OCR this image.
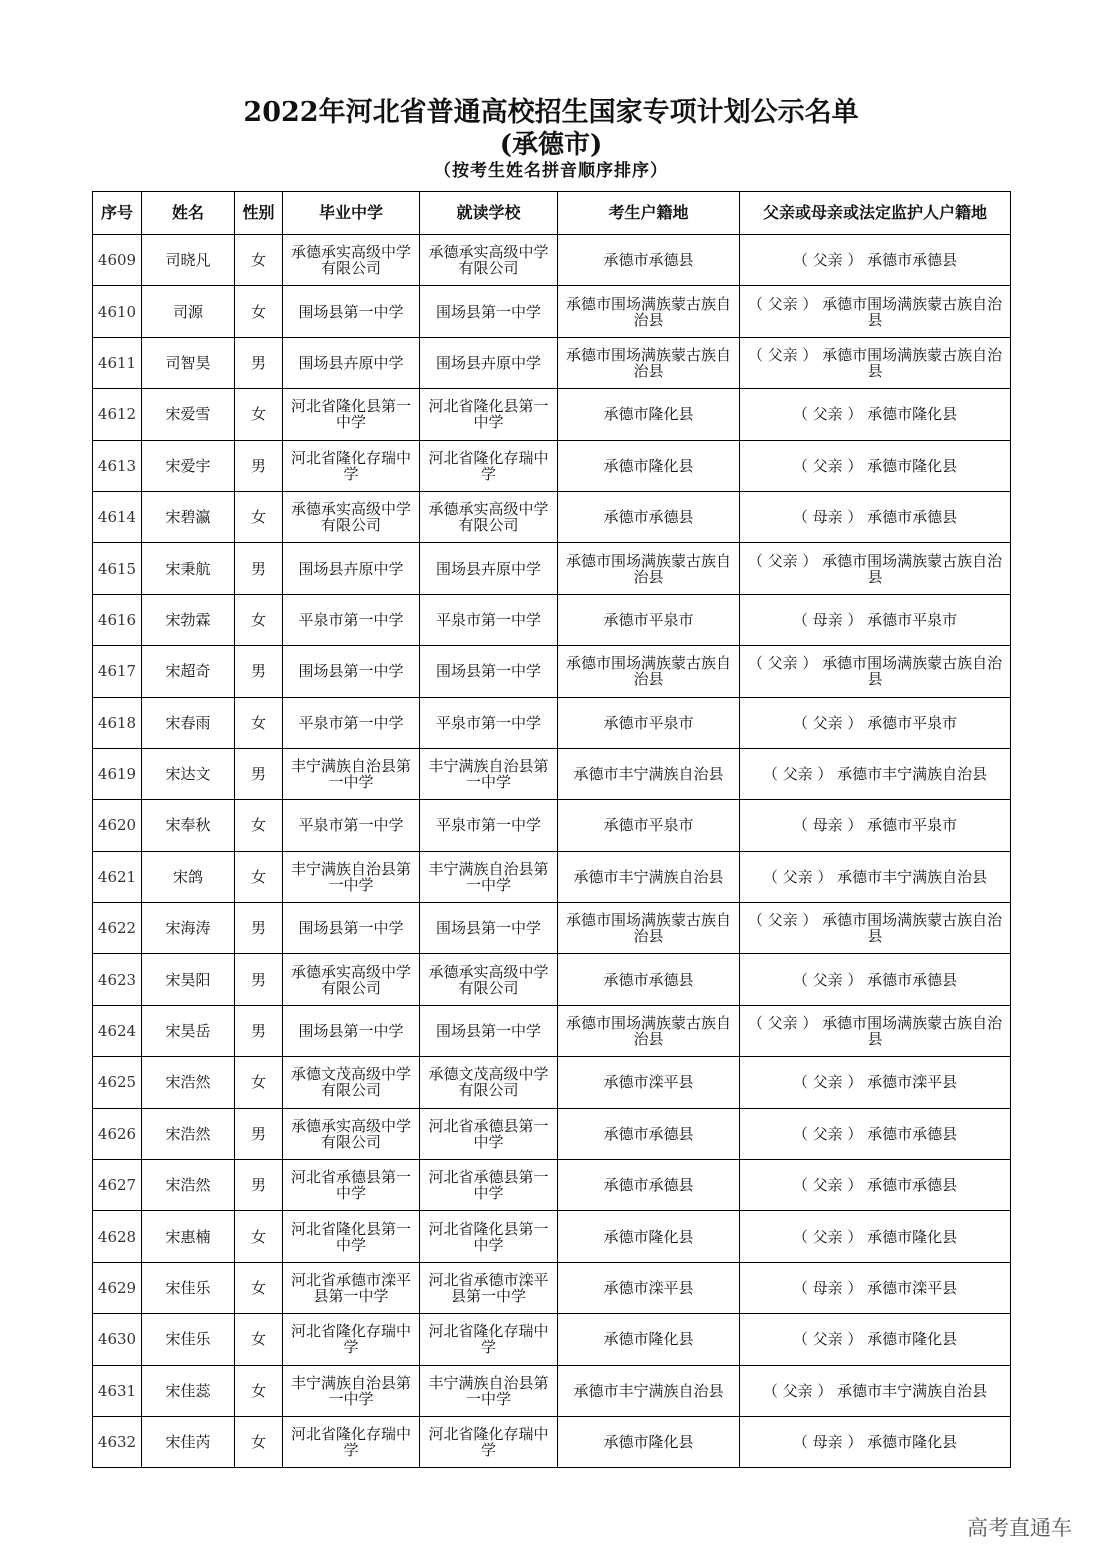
2022年河北省普通高校招生国家专项计划公示名单
(承德市)
（按考生姓名拼音顺序排序）
序号	姓名	性别	毕业中学	就读学校	考生户籍地	父亲或母亲或法定监护人户籍地
4609	司晓凡	女	承德承实高级中学有限公司	承德承实高级中学有限公司	承德市承德县	（ 父亲 ） 承德市承德县
4610	司源	女	围场县第一中学	围场县第一中学	承德市围场满族蒙古族自治县	（ 父亲 ） 承德市围场满族蒙古族自治县
4611	司智昊	男	围场县卉原中学	围场县卉原中学	承德市围场满族蒙古族自治县	（ 父亲 ） 承德市围场满族蒙古族自治县
4612	宋爱雪	女	河北省隆化县第一中学	河北省隆化县第一中学	承德市隆化县	（ 父亲 ） 承德市隆化县
4613	宋爱宇	男	河北省隆化存瑞中学	河北省隆化存瑞中学	承德市隆化县	（ 父亲 ） 承德市隆化县
4614	宋碧瀛	女	承德承实高级中学有限公司	承德承实高级中学有限公司	承德市承德县	（ 母亲 ） 承德市承德县
4615	宋秉航	男	围场县卉原中学	围场县卉原中学	承德市围场满族蒙古族自治县	（ 父亲 ） 承德市围场满族蒙古族自治县
4616	宋勃霖	女	平泉市第一中学	平泉市第一中学	承德市平泉市	（ 母亲 ） 承德市平泉市
4617	宋超奇	男	围场县第一中学	围场县第一中学	承德市围场满族蒙古族自治县	（ 父亲 ） 承德市围场满族蒙古族自治县
4618	宋春雨	女	平泉市第一中学	平泉市第一中学	承德市平泉市	（ 父亲 ） 承德市平泉市
4619	宋达文	男	丰宁满族自治县第一中学	丰宁满族自治县第一中学	承德市丰宁满族自治县	（ 父亲 ） 承德市丰宁满族自治县
4620	宋奉秋	女	平泉市第一中学	平泉市第一中学	承德市平泉市	（ 母亲 ） 承德市平泉市
4621	宋鸽	女	丰宁满族自治县第一中学	丰宁满族自治县第一中学	承德市丰宁满族自治县	（ 父亲 ） 承德市丰宁满族自治县
4622	宋海涛	男	围场县第一中学	围场县第一中学	承德市围场满族蒙古族自治县	（ 父亲 ） 承德市围场满族蒙古族自治县
4623	宋昊阳	男	承德承实高级中学有限公司	承德承实高级中学有限公司	承德市承德县	（ 父亲 ） 承德市承德县
4624	宋昊岳	男	围场县第一中学	围场县第一中学	承德市围场满族蒙古族自治县	（ 父亲 ） 承德市围场满族蒙古族自治县
4625	宋浩然	女	承德文茂高级中学有限公司	承德文茂高级中学有限公司	承德市滦平县	（ 父亲 ） 承德市滦平县
4626	宋浩然	男	承德承实高级中学有限公司	河北省承德县第一中学	承德市承德县	（ 父亲 ） 承德市承德县
4627	宋浩然	男	河北省承德县第一中学	河北省承德县第一中学	承德市承德县	（ 父亲 ） 承德市承德县
4628	宋惠楠	女	河北省隆化县第一中学	河北省隆化县第一中学	承德市隆化县	（ 父亲 ） 承德市隆化县
4629	宋佳乐	女	河北省承德市滦平县第一中学	河北省承德市滦平县第一中学	承德市滦平县	（ 母亲 ） 承德市滦平县
4630	宋佳乐	女	河北省隆化存瑞中学	河北省隆化存瑞中学	承德市隆化县	（ 父亲 ） 承德市隆化县
4631	宋佳蕊	女	丰宁满族自治县第一中学	丰宁满族自治县第一中学	承德市丰宁满族自治县	（ 父亲 ） 承德市丰宁满族自治县
4632	宋佳芮	女	河北省隆化存瑞中学	河北省隆化存瑞中学	承德市隆化县	（ 母亲 ） 承德市隆化县
高考直通车
